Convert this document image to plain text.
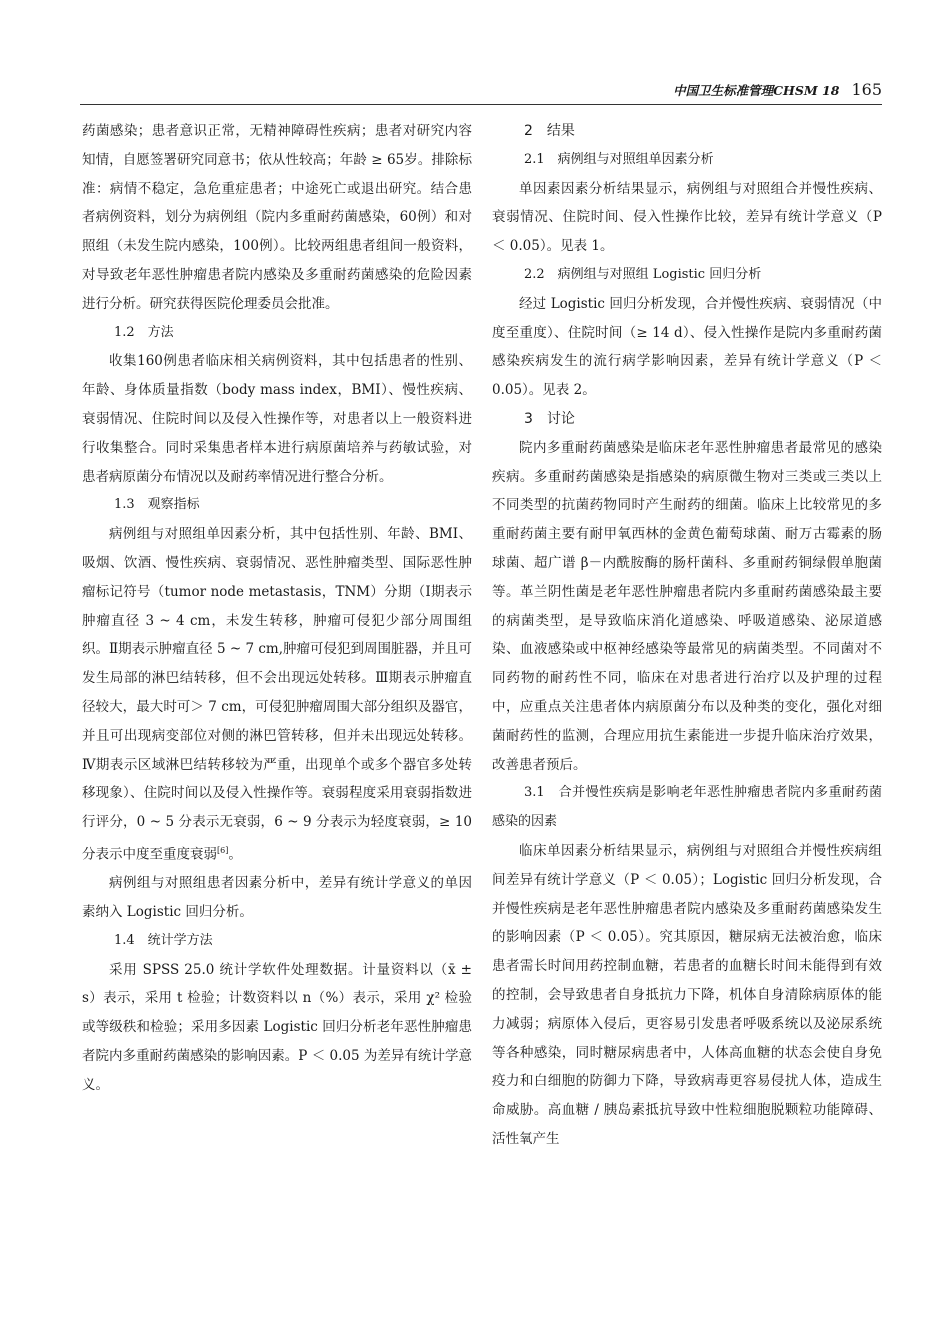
中国卫生标准管理CHSM 18 165

药菌感染；患者意识正常，无精神障碍性疾病；患者对研究内容知情，自愿签署研究同意书；依从性较高；年龄 ≥ 65岁。排除标准：病情不稳定，急危重症患者；中途死亡或退出研究。结合患者病例资料，划分为病例组（院内多重耐药菌感染，60例）和对照组（未发生院内感染，100例）。比较两组患者组间一般资料，对导致老年恶性肿瘤患者院内感染及多重耐药菌感染的危险因素进行分析。研究获得医院伦理委员会批准。

1.2　方法

收集160例患者临床相关病例资料，其中包括患者的性别、年龄、身体质量指数（body mass index，BMI）、慢性疾病、衰弱情况、住院时间以及侵入性操作等，对患者以上一般资料进行收集整合。同时采集患者样本进行病原菌培养与药敏试验，对患者病原菌分布情况以及耐药率情况进行整合分析。

1.3　观察指标

病例组与对照组单因素分析，其中包括性别、年龄、BMI、吸烟、饮酒、慢性疾病、衰弱情况、恶性肿瘤类型、国际恶性肿瘤标记符号（tumor node metastasis，TNM）分期（Ⅰ期表示肿瘤直径 3 ~ 4 cm，未发生转移，肿瘤可侵犯少部分周围组织。Ⅱ期表示肿瘤直径 5 ~ 7 cm,肿瘤可侵犯到周围脏器，并且可发生局部的淋巴结转移，但不会出现远处转移。Ⅲ期表示肿瘤直径较大，最大时可＞ 7 cm，可侵犯肿瘤周围大部分组织及器官，并且可出现病变部位对侧的淋巴管转移，但并未出现远处转移。Ⅳ期表示区域淋巴结转移较为严重，出现单个或多个器官多处转移现象）、住院时间以及侵入性操作等。衰弱程度采用衰弱指数进行评分，0 ~ 5 分表示无衰弱，6 ~ 9 分表示为轻度衰弱，≥ 10 分表示中度至重度衰弱[6]。

病例组与对照组患者因素分析中，差异有统计学意义的单因素纳入 Logistic 回归分析。

1.4　统计学方法

采用 SPSS 25.0 统计学软件处理数据。计量资料以（x̄ ± s）表示，采用 t 检验；计数资料以 n（%）表示，采用 χ² 检验或等级秩和检验；采用多因素 Logistic 回归分析老年恶性肿瘤患者院内多重耐药菌感染的影响因素。P ＜ 0.05 为差异有统计学意义。

2　结果
2.1　病例组与对照组单因素分析

单因素因素分析结果显示，病例组与对照组合并慢性疾病、衰弱情况、住院时间、侵入性操作比较，差异有统计学意义（P ＜ 0.05）。见表 1。

2.2　病例组与对照组 Logistic 回归分析

经过 Logistic 回归分析发现，合并慢性疾病、衰弱情况（中度至重度）、住院时间（≥ 14 d）、侵入性操作是院内多重耐药菌感染疾病发生的流行病学影响因素，差异有统计学意义（P ＜ 0.05）。见表 2。

3　讨论

院内多重耐药菌感染是临床老年恶性肿瘤患者最常见的感染疾病。多重耐药菌感染是指感染的病原微生物对三类或三类以上不同类型的抗菌药物同时产生耐药的细菌。临床上比较常见的多重耐药菌主要有耐甲氧西林的金黄色葡萄球菌、耐万古霉素的肠球菌、超广谱 β－内酰胺酶的肠杆菌科、多重耐药铜绿假单胞菌等。革兰阴性菌是老年恶性肿瘤患者院内多重耐药菌感染最主要的病菌类型，是导致临床消化道感染、呼吸道感染、泌尿道感染、血液感染或中枢神经感染等最常见的病菌类型。不同菌对不同药物的耐药性不同，临床在对患者进行治疗以及护理的过程中，应重点关注患者体内病原菌分布以及种类的变化，强化对细菌耐药性的监测，合理应用抗生素能进一步提升临床治疗效果，改善患者预后。

3.1　合并慢性疾病是影响老年恶性肿瘤患者院内多重耐药菌感染的因素

临床单因素分析结果显示，病例组与对照组合并慢性疾病组间差异有统计学意义（P ＜ 0.05）；Logistic 回归分析发现，合并慢性疾病是老年恶性肿瘤患者院内感染及多重耐药菌感染发生的影响因素（P ＜ 0.05）。究其原因，糖尿病无法被治愈，临床患者需长时间用药控制血糖，若患者的血糖长时间未能得到有效的控制，会导致患者自身抵抗力下降，机体自身清除病原体的能力减弱；病原体入侵后，更容易引发患者呼吸系统以及泌尿系统等各种感染，同时糖尿病患者中，人体高血糖的状态会使自身免疫力和白细胞的防御力下降，导致病毒更容易侵扰人体，造成生命威胁。高血糖 / 胰岛素抵抗导致中性粒细胞脱颗粒功能障碍、活性氧产生
